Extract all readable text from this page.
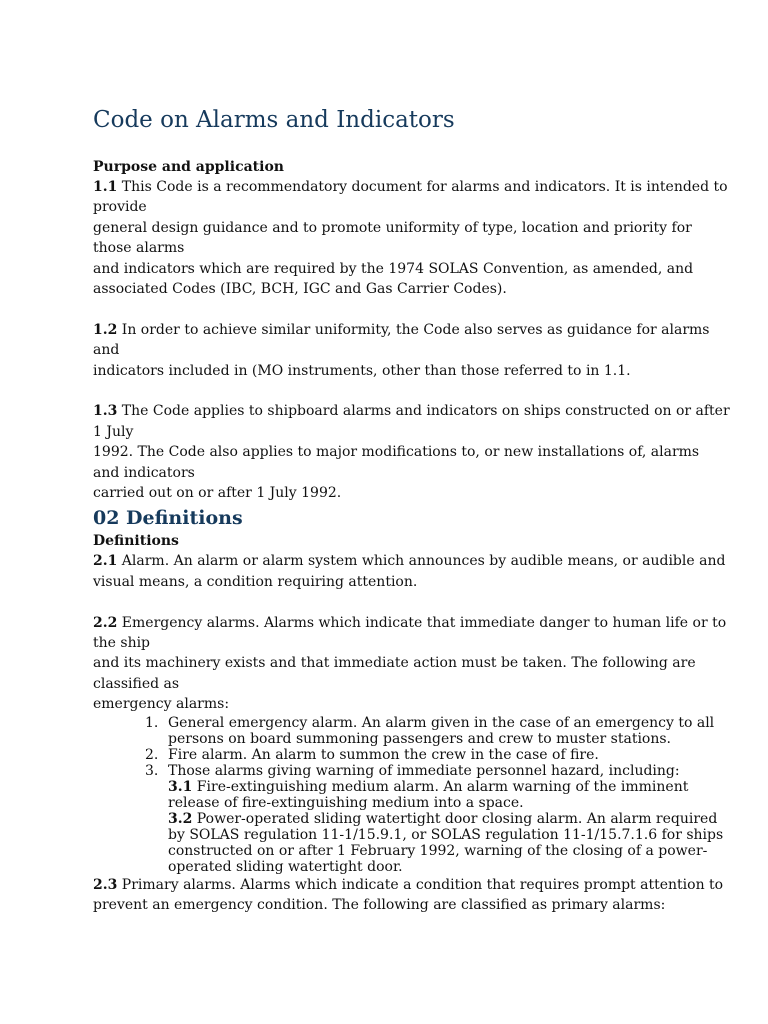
Code on Alarms and Indicators
Purpose and application
1.1 This Code is a recommendatory document for alarms and indicators. It is intended to
provide
general design guidance and to promote uniformity of type, location and priority for
those alarms
and indicators which are required by the 1974 SOLAS Convention, as amended, and
associated Codes (IBC, BCH, IGC and Gas Carrier Codes).
1.2 In order to achieve similar uniformity, the Code also serves as guidance for alarms
and
indicators included in (MO instruments, other than those referred to in 1.1.
1.3 The Code applies to shipboard alarms and indicators on ships constructed on or after
1 July
1992. The Code also applies to major modifications to, or new installations of, alarms
and indicators
carried out on or after 1 July 1992.
02 Definitions
Definitions
2.1 Alarm. An alarm or alarm system which announces by audible means, or audible and
visual means, a condition requiring attention.
2.2 Emergency alarms. Alarms which indicate that immediate danger to human life or to
the ship
and its machinery exists and that immediate action must be taken. The following are
classified as
emergency alarms:
1. General emergency alarm. An alarm given in the case of an emergency to all
persons on board summoning passengers and crew to muster stations.
2. Fire alarm. An alarm to summon the crew in the case of fire.
3. Those alarms giving warning of immediate personnel hazard, including:
3.1 Fire-extinguishing medium alarm. An alarm warning of the imminent
release of fire-extinguishing medium into a space.
3.2 Power-operated sliding watertight door closing alarm. An alarm required
by SOLAS regulation 11-1/15.9.1, or SOLAS regulation 11-1/15.7.1.6 for ships
constructed on or after 1 February 1992, warning of the closing of a power-
operated sliding watertight door.
2.3 Primary alarms. Alarms which indicate a condition that requires prompt attention to
prevent an emergency condition. The following are classified as primary alarms:
